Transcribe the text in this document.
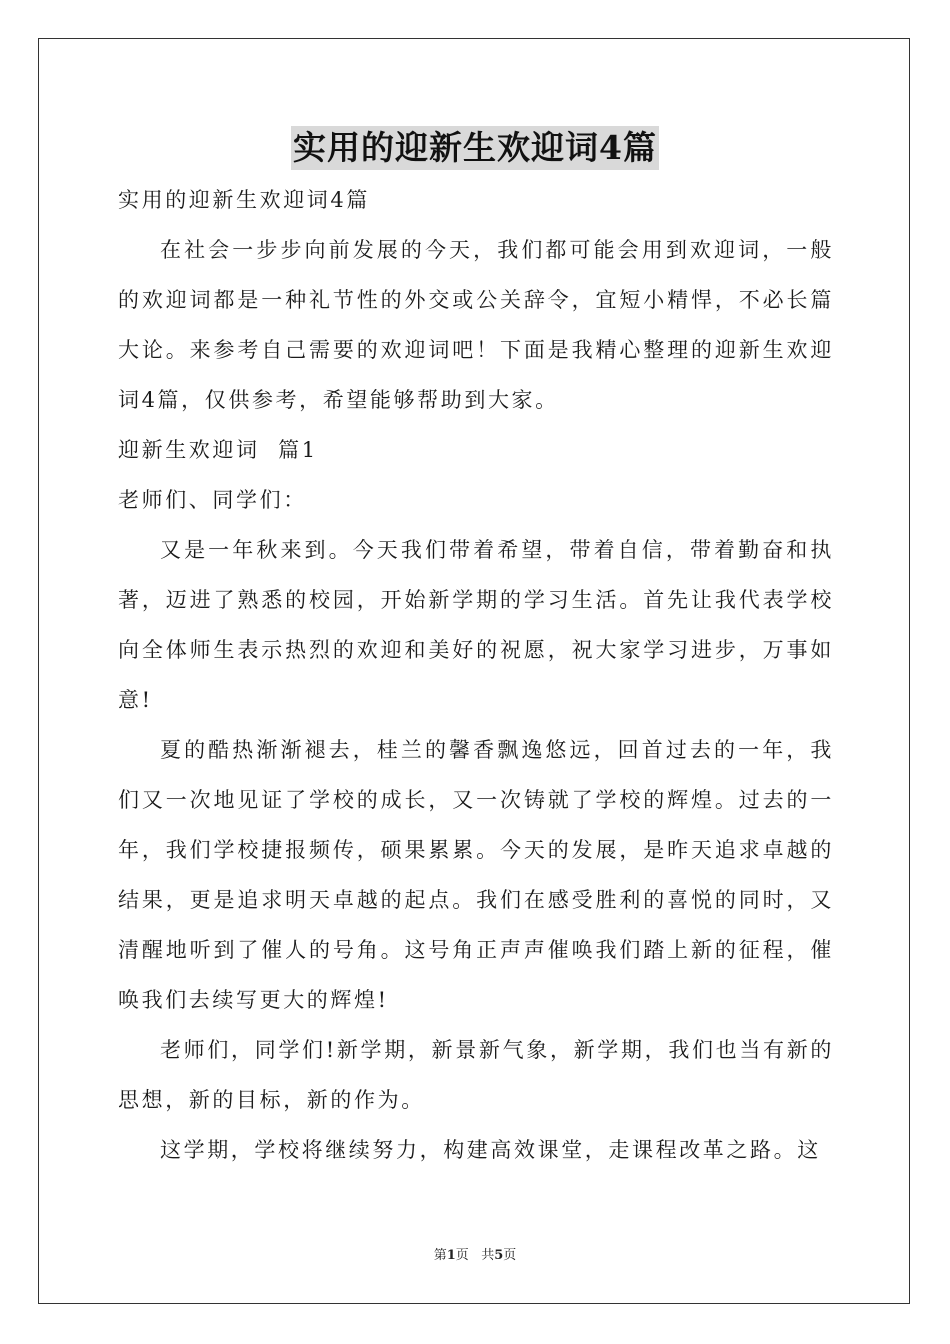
实用的迎新生欢迎词4篇

实用的迎新生欢迎词4篇

在社会一步步向前发展的今天，我们都可能会用到欢迎词，一般的欢迎词都是一种礼节性的外交或公关辞令，宜短小精悍，不必长篇大论。来参考自己需要的欢迎词吧！下面是我精心整理的迎新生欢迎词4篇，仅供参考，希望能够帮助到大家。

迎新生欢迎词  篇1

老师们、同学们：

又是一年秋来到。今天我们带着希望，带着自信，带着勤奋和执著，迈进了熟悉的校园，开始新学期的学习生活。首先让我代表学校向全体师生表示热烈的欢迎和美好的祝愿，祝大家学习进步，万事如意!

夏的酷热渐渐褪去，桂兰的馨香飘逸悠远，回首过去的一年，我们又一次地见证了学校的成长，又一次铸就了学校的辉煌。过去的一年，我们学校捷报频传，硕果累累。今天的发展，是昨天追求卓越的结果，更是追求明天卓越的起点。我们在感受胜利的喜悦的同时，又清醒地听到了催人的号角。这号角正声声催唤我们踏上新的征程，催唤我们去续写更大的辉煌!

老师们，同学们!新学期，新景新气象，新学期，我们也当有新的思想，新的目标，新的作为。

这学期，学校将继续努力，构建高效课堂，走课程改革之路。这

第1页 共5页
